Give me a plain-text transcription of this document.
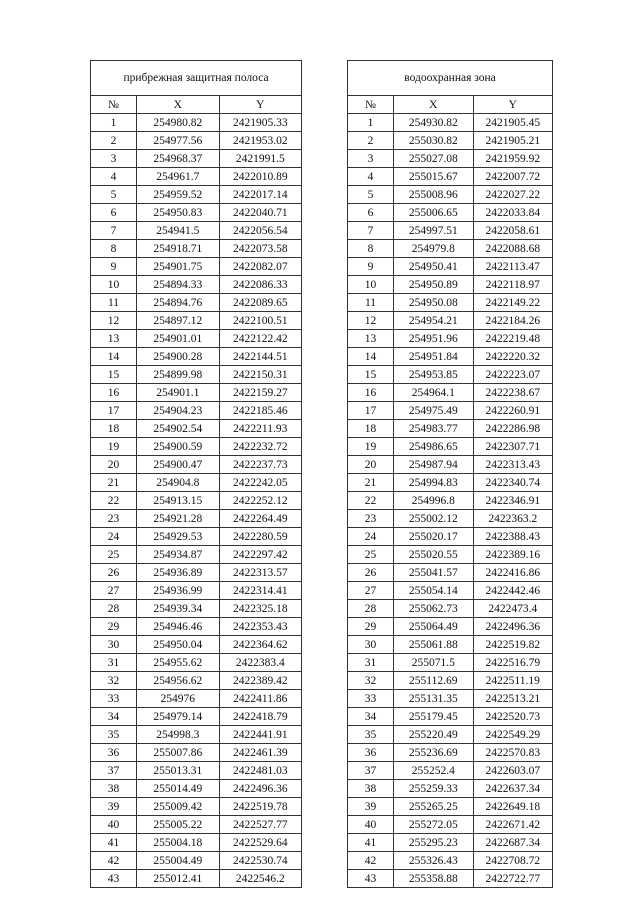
прибрежная защитная полоса		
№	X	Y
1	254980.82	2421905.33
2	254977.56	2421953.02
3	254968.37	2421991.5
4	254961.7	2422010.89
5	254959.52	2422017.14
6	254950.83	2422040.71
7	254941.5	2422056.54
8	254918.71	2422073.58
9	254901.75	2422082.07
10	254894.33	2422086.33
11	254894.76	2422089.65
12	254897.12	2422100.51
13	254901.01	2422122.42
14	254900.28	2422144.51
15	254899.98	2422150.31
16	254901.1	2422159.27
17	254904.23	2422185.46
18	254902.54	2422211.93
19	254900.59	2422232.72
20	254900.47	2422237.73
21	254904.8	2422242.05
22	254913.15	2422252.12
23	254921.28	2422264.49
24	254929.53	2422280.59
25	254934.87	2422297.42
26	254936.89	2422313.57
27	254936.99	2422314.41
28	254939.34	2422325.18
29	254946.46	2422353.43
30	254950.04	2422364.62
31	254955.62	2422383.4
32	254956.62	2422389.42
33	254976	2422411.86
34	254979.14	2422418.79
35	254998.3	2422441.91
36	255007.86	2422461.39
37	255013.31	2422481.03
38	255014.49	2422496.36
39	255009.42	2422519.78
40	255005.22	2422527.77
41	255004.18	2422529.64
42	255004.49	2422530.74
43	255012.41	2422546.2
водоохранная зона		
№	X	Y
1	254930.82	2421905.45
2	255030.82	2421905.21
3	255027.08	2421959.92
4	255015.67	2422007.72
5	255008.96	2422027.22
6	255006.65	2422033.84
7	254997.51	2422058.61
8	254979.8	2422088.68
9	254950.41	2422113.47
10	254950.89	2422118.97
11	254950.08	2422149.22
12	254954.21	2422184.26
13	254951.96	2422219.48
14	254951.84	2422220.32
15	254953.85	2422223.07
16	254964.1	2422238.67
17	254975.49	2422260.91
18	254983.77	2422286.98
19	254986.65	2422307.71
20	254987.94	2422313.43
21	254994.83	2422340.74
22	254996.8	2422346.91
23	255002.12	2422363.2
24	255020.17	2422388.43
25	255020.55	2422389.16
26	255041.57	2422416.86
27	255054.14	2422442.46
28	255062.73	2422473.4
29	255064.49	2422496.36
30	255061.88	2422519.82
31	255071.5	2422516.79
32	255112.69	2422511.19
33	255131.35	2422513.21
34	255179.45	2422520.73
35	255220.49	2422549.29
36	255236.69	2422570.83
37	255252.4	2422603.07
38	255259.33	2422637.34
39	255265.25	2422649.18
40	255272.05	2422671.42
41	255295.23	2422687.34
42	255326.43	2422708.72
43	255358.88	2422722.77
